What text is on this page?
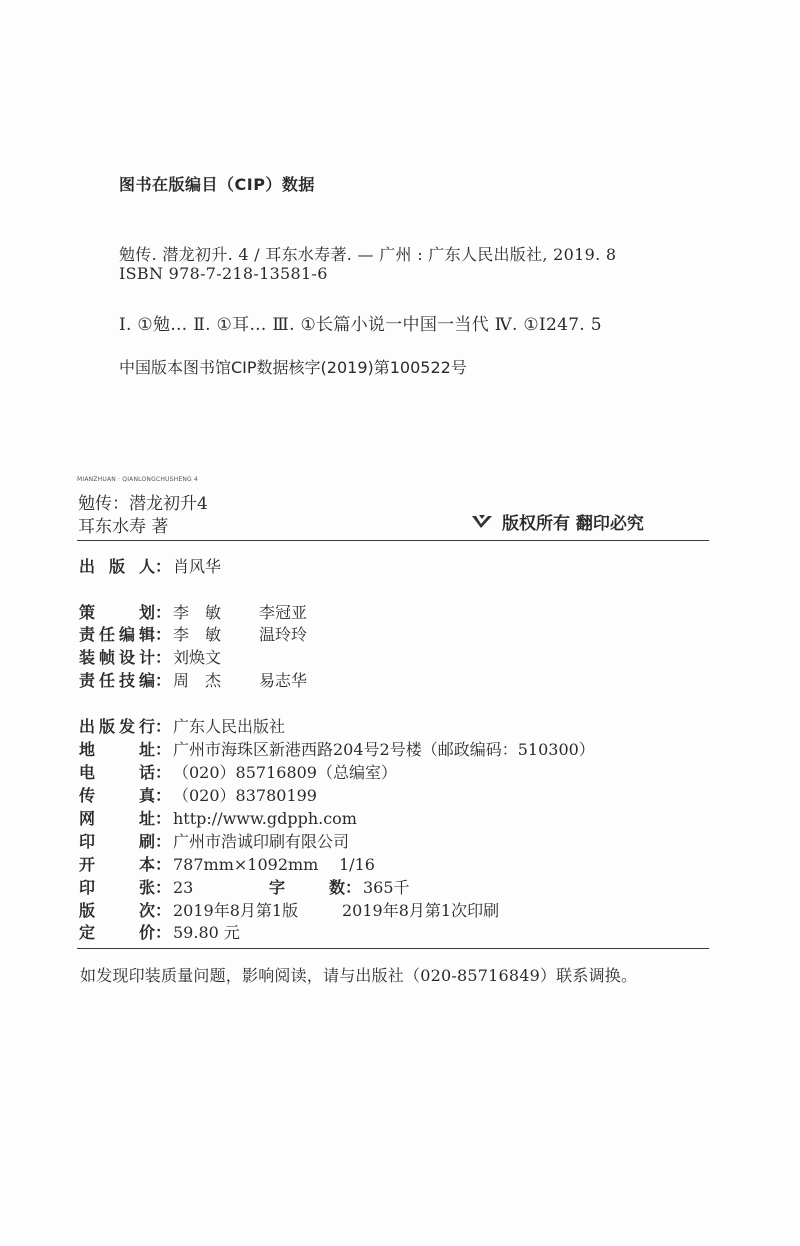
图书在版编目（CIP）数据
勉传. 潜龙初升. 4 / 耳东水寿著. — 广州 : 广东人民出版社, 2019. 8
ISBN 978-7-218-13581-6
Ⅰ. ①勉… Ⅱ. ①耳… Ⅲ. ①长篇小说一中国一当代 Ⅳ. ①I247. 5
中国版本图书馆CIP数据核字(2019)第100522号
MIANZHUAN · QIANLONGCHUSHENG 4
勉传：潜龙初升4
耳东水寿 著	版权所有 翻印必究
出版人 ： 肖风华
策划 ： 李　敏 李冠亚
责任编辑 ： 李　敏 温玲玲
装帧设计 ： 刘焕文
责任技编 ： 周　杰 易志华
出版发行 ： 广东人民出版社
地址 ： 广州市海珠区新港西路204号2号楼（邮政编码：510300）
电话 ： （020）85716809（总编室）
传真 ： （020）83780199
网址 ： http://www.gdpph.com
印刷 ： 广州市浩诚印刷有限公司
开本 ： 787mm×1092mm 1/16
印张 ： 23	字　　数 ： 365千
版次 ： 2019年8月第1版	2019年8月第1次印刷
定价 ： 59.80 元
如发现印装质量问题，影响阅读，请与出版社（020-85716849）联系调换。
